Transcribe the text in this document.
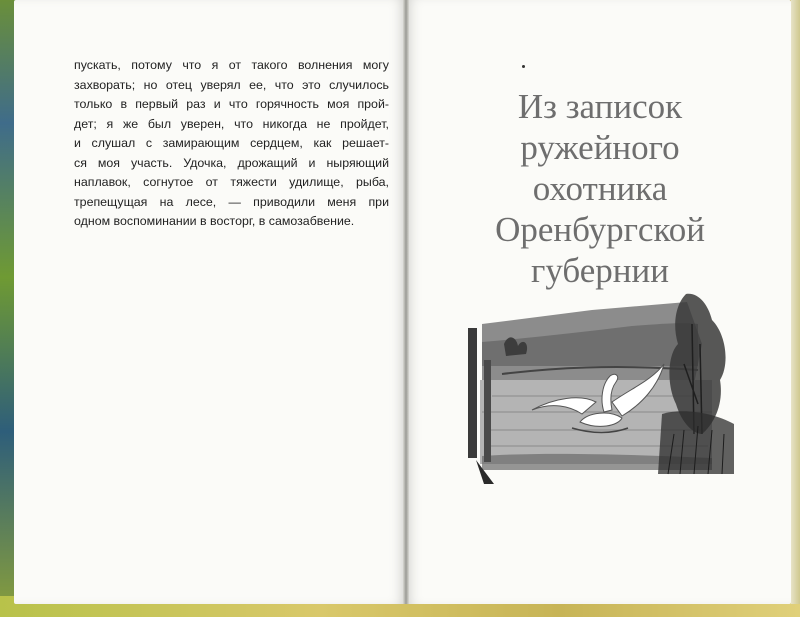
пускать, потому что я от такого волнения могу
захворать; но отец уверял ее, что это случилось
только в первый раз и что горячность моя прой-
дет; я же был уверен, что никогда не пройдет,
и слушал с замирающим сердцем, как решает-
ся моя участь. Удочка, дрожащий и ныряющий
наплавок, согнутое от тяжести удилище, рыба,
трепещущая на лесе, — приводили меня при
одном воспоминании в восторг, в самозабвение.

Из записок
ружейного
охотника
Оренбургской
губернии
